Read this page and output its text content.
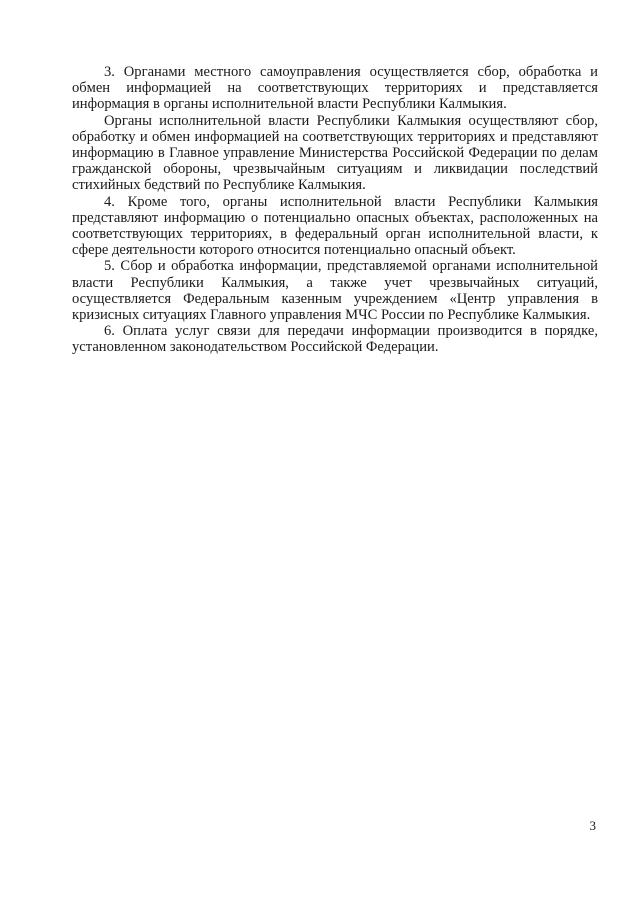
3. Органами местного самоуправления осуществляется сбор, обработка и обмен информацией на соответствующих территориях и представляется информация в органы исполнительной власти Республики Калмыкия.

Органы исполнительной власти Республики Калмыкия осуществляют сбор, обработку и обмен информацией на соответствующих территориях и представляют информацию в Главное управление Министерства Российской Федерации по делам гражданской обороны, чрезвычайным ситуациям и ликвидации последствий стихийных бедствий по Республике Калмыкия.

4. Кроме того, органы исполнительной власти Республики Калмыкия представляют информацию о потенциально опасных объектах, расположенных на соответствующих территориях, в федеральный орган исполнительной власти, к сфере деятельности которого относится потенциально опасный объект.

5. Сбор и обработка информации, представляемой органами исполнительной власти Республики Калмыкия, а также учет чрезвычайных ситуаций, осуществляется Федеральным казенным учреждением «Центр управления в кризисных ситуациях Главного управления МЧС России по Республике Калмыкия.

6. Оплата услуг связи для передачи информации производится в порядке, установленном законодательством Российской Федерации.

3
